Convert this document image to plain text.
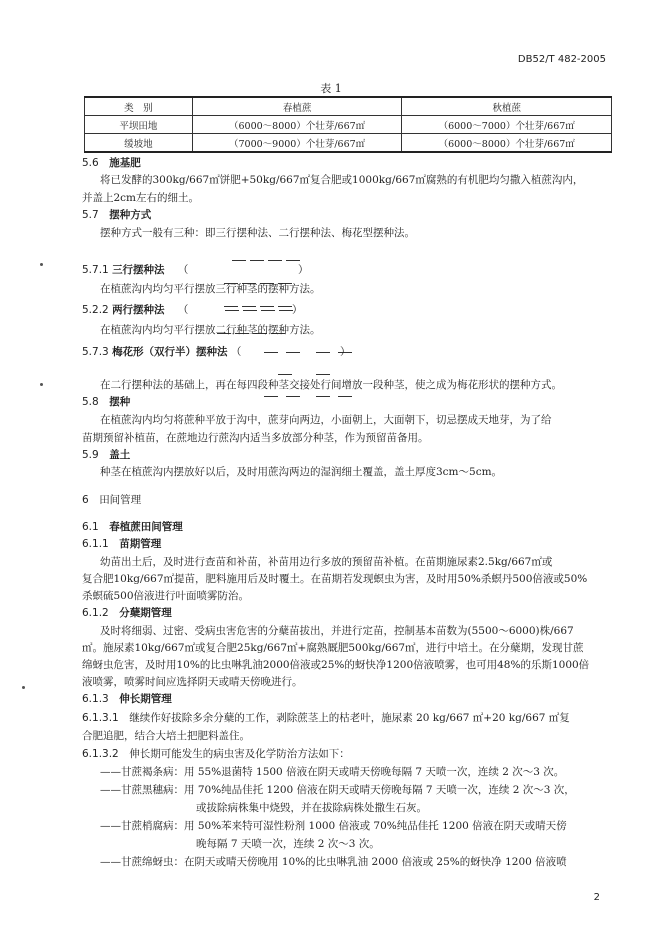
DB52/T 482-2005
表 1
类　别	春植蔗	秋植蔗
平坝田地	（6000～8000）个壮芽/667㎡	（6000～7000）个壮芽/667㎡
缓坡地	（7000～9000）个壮芽/667㎡	（6000～8000）个壮芽/667㎡
5.6　 施基肥
将已发酵的300kg/667㎡饼肥+50kg/667㎡复合肥或1000kg/667㎡腐熟的有机肥均匀撒入植蔗沟内，
并盖上2cm左右的细土。
5.7　 摆种方式
摆种方式一般有三种：即三行摆种法、二行摆种法、梅花型摆种法。
5.7.1 三行摆种法 （	）
在植蔗沟内均匀平行摆放三行种茎的摆种方法。
5.2.2 两行摆种法 （	）
在植蔗沟内均匀平行摆放二行种茎的摆种方法。
5.7.3 梅花形（双行半）摆种法 （	）
在二行摆种法的基础上，再在每四段种茎交接处行间增放一段种茎，使之成为梅花形状的摆种方式。
5.8　 摆种
在植蔗沟内均匀将蔗种平放于沟中，蔗芽向两边，小面朝上，大面朝下，切忌摆成天地芽，为了给
苗期预留补植苗，在蔗地边行蔗沟内适当多放部分种茎，作为预留苗备用。
5.9　 盖土
种茎在植蔗沟内摆放好以后，及时用蔗沟两边的湿润细土覆盖，盖土厚度3cm～5cm。
6　 田间管理
6.1　 春植蔗田间管理
6.1.1　 苗期管理
幼苗出土后，及时进行查苗和补苗，补苗用边行多放的预留苗补植。在苗期施尿素2.5kg/667㎡或
复合肥10kg/667㎡提苗，肥料施用后及时覆土。在苗期若发现螟虫为害，及时用50%杀螟丹500倍液或50%
杀螟硫500倍液进行叶面喷雾防治。
6.1.2　 分蘖期管理
及时将细弱、过密、受病虫害危害的分蘖苗拔出，并进行定苗，控制基本苗数为(5500～6000)株/667
㎡。施尿素10kg/667㎡或复合肥25kg/667㎡+腐熟厩肥500kg/667㎡，进行中培土。在分蘖期，发现甘蔗
绵蚜虫危害，及时用10%的比虫啉乳油2000倍液或25%的蚜快净1200倍液喷雾，也可用48%的乐斯1000倍
液喷雾，喷雾时间应选择阴天或晴天傍晚进行。
6.1.3　 伸长期管理
6.1.3.1　 继续作好拔除多余分蘖的工作，剥除蔗茎上的枯老叶，施尿素 20 kg/667 ㎡+20 kg/667 ㎡复
合肥追肥，结合大培土把肥料盖住。
6.1.3.2　 伸长期可能发生的病虫害及化学防治方法如下：
——甘蔗褐条病：用 55%退菌特 1500 倍液在阴天或晴天傍晚每隔 7 天喷一次，连续 2 次～3 次。
——甘蔗黑穗病：用 70%纯品佳托 1200 倍液在阴天或晴天傍晚每隔 7 天喷一次，连续 2 次～3 次，
或拔除病株集中烧毁，并在拔除病株处撒生石灰。
——甘蔗梢腐病：用 50%苯来特可湿性粉剂 1000 倍液或 70%纯品佳托 1200 倍液在阴天或晴天傍
晚每隔 7 天喷一次，连续 2 次～3 次。
——甘蔗绵蚜虫：在阴天或晴天傍晚用 10%的比虫啉乳油 2000 倍液或 25%的蚜快净 1200 倍液喷
2
